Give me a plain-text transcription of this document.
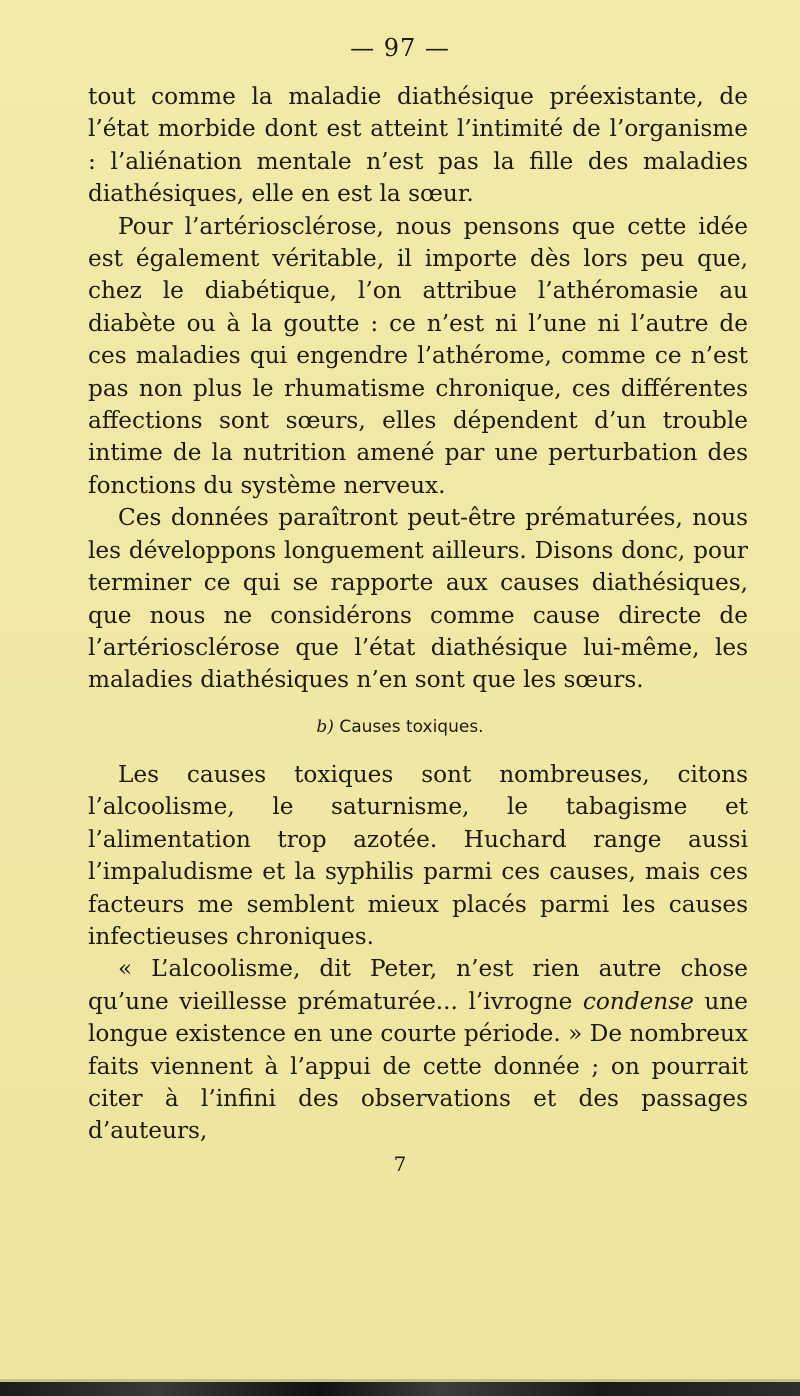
— 97 —

tout comme la maladie diathésique préexistante, de l’état morbide dont est atteint l’intimité de l’organisme : l’aliénation mentale n’est pas la fille des maladies diathésiques, elle en est la sœur.

Pour l’artériosclérose, nous pensons que cette idée est également véritable, il importe dès lors peu que, chez le diabétique, l’on attribue l’athéromasie au diabète ou à la goutte : ce n’est ni l’une ni l’autre de ces maladies qui engendre l’athérome, comme ce n’est pas non plus le rhumatisme chronique, ces différentes affections sont sœurs, elles dépendent d’un trouble intime de la nutrition amené par une perturbation des fonctions du système nerveux.

Ces données paraîtront peut-être prématurées, nous les développons longuement ailleurs. Disons donc, pour terminer ce qui se rapporte aux causes diathésiques, que nous ne considérons comme cause directe de l’artériosclérose que l’état diathésique lui-même, les maladies diathésiques n’en sont que les sœurs.

b) Causes toxiques.

Les causes toxiques sont nombreuses, citons l’alcoolisme, le saturnisme, le tabagisme et l’alimentation trop azotée. Huchard range aussi l’impaludisme et la syphilis parmi ces causes, mais ces facteurs me semblent mieux placés parmi les causes infectieuses chroniques.

« L’alcoolisme, dit Peter, n’est rien autre chose qu’une vieillesse prématurée... l’ivrogne condense une longue existence en une courte période. » De nombreux faits viennent à l’appui de cette donnée ; on pourrait citer à l’infini des observations et des passages d’auteurs,

7
